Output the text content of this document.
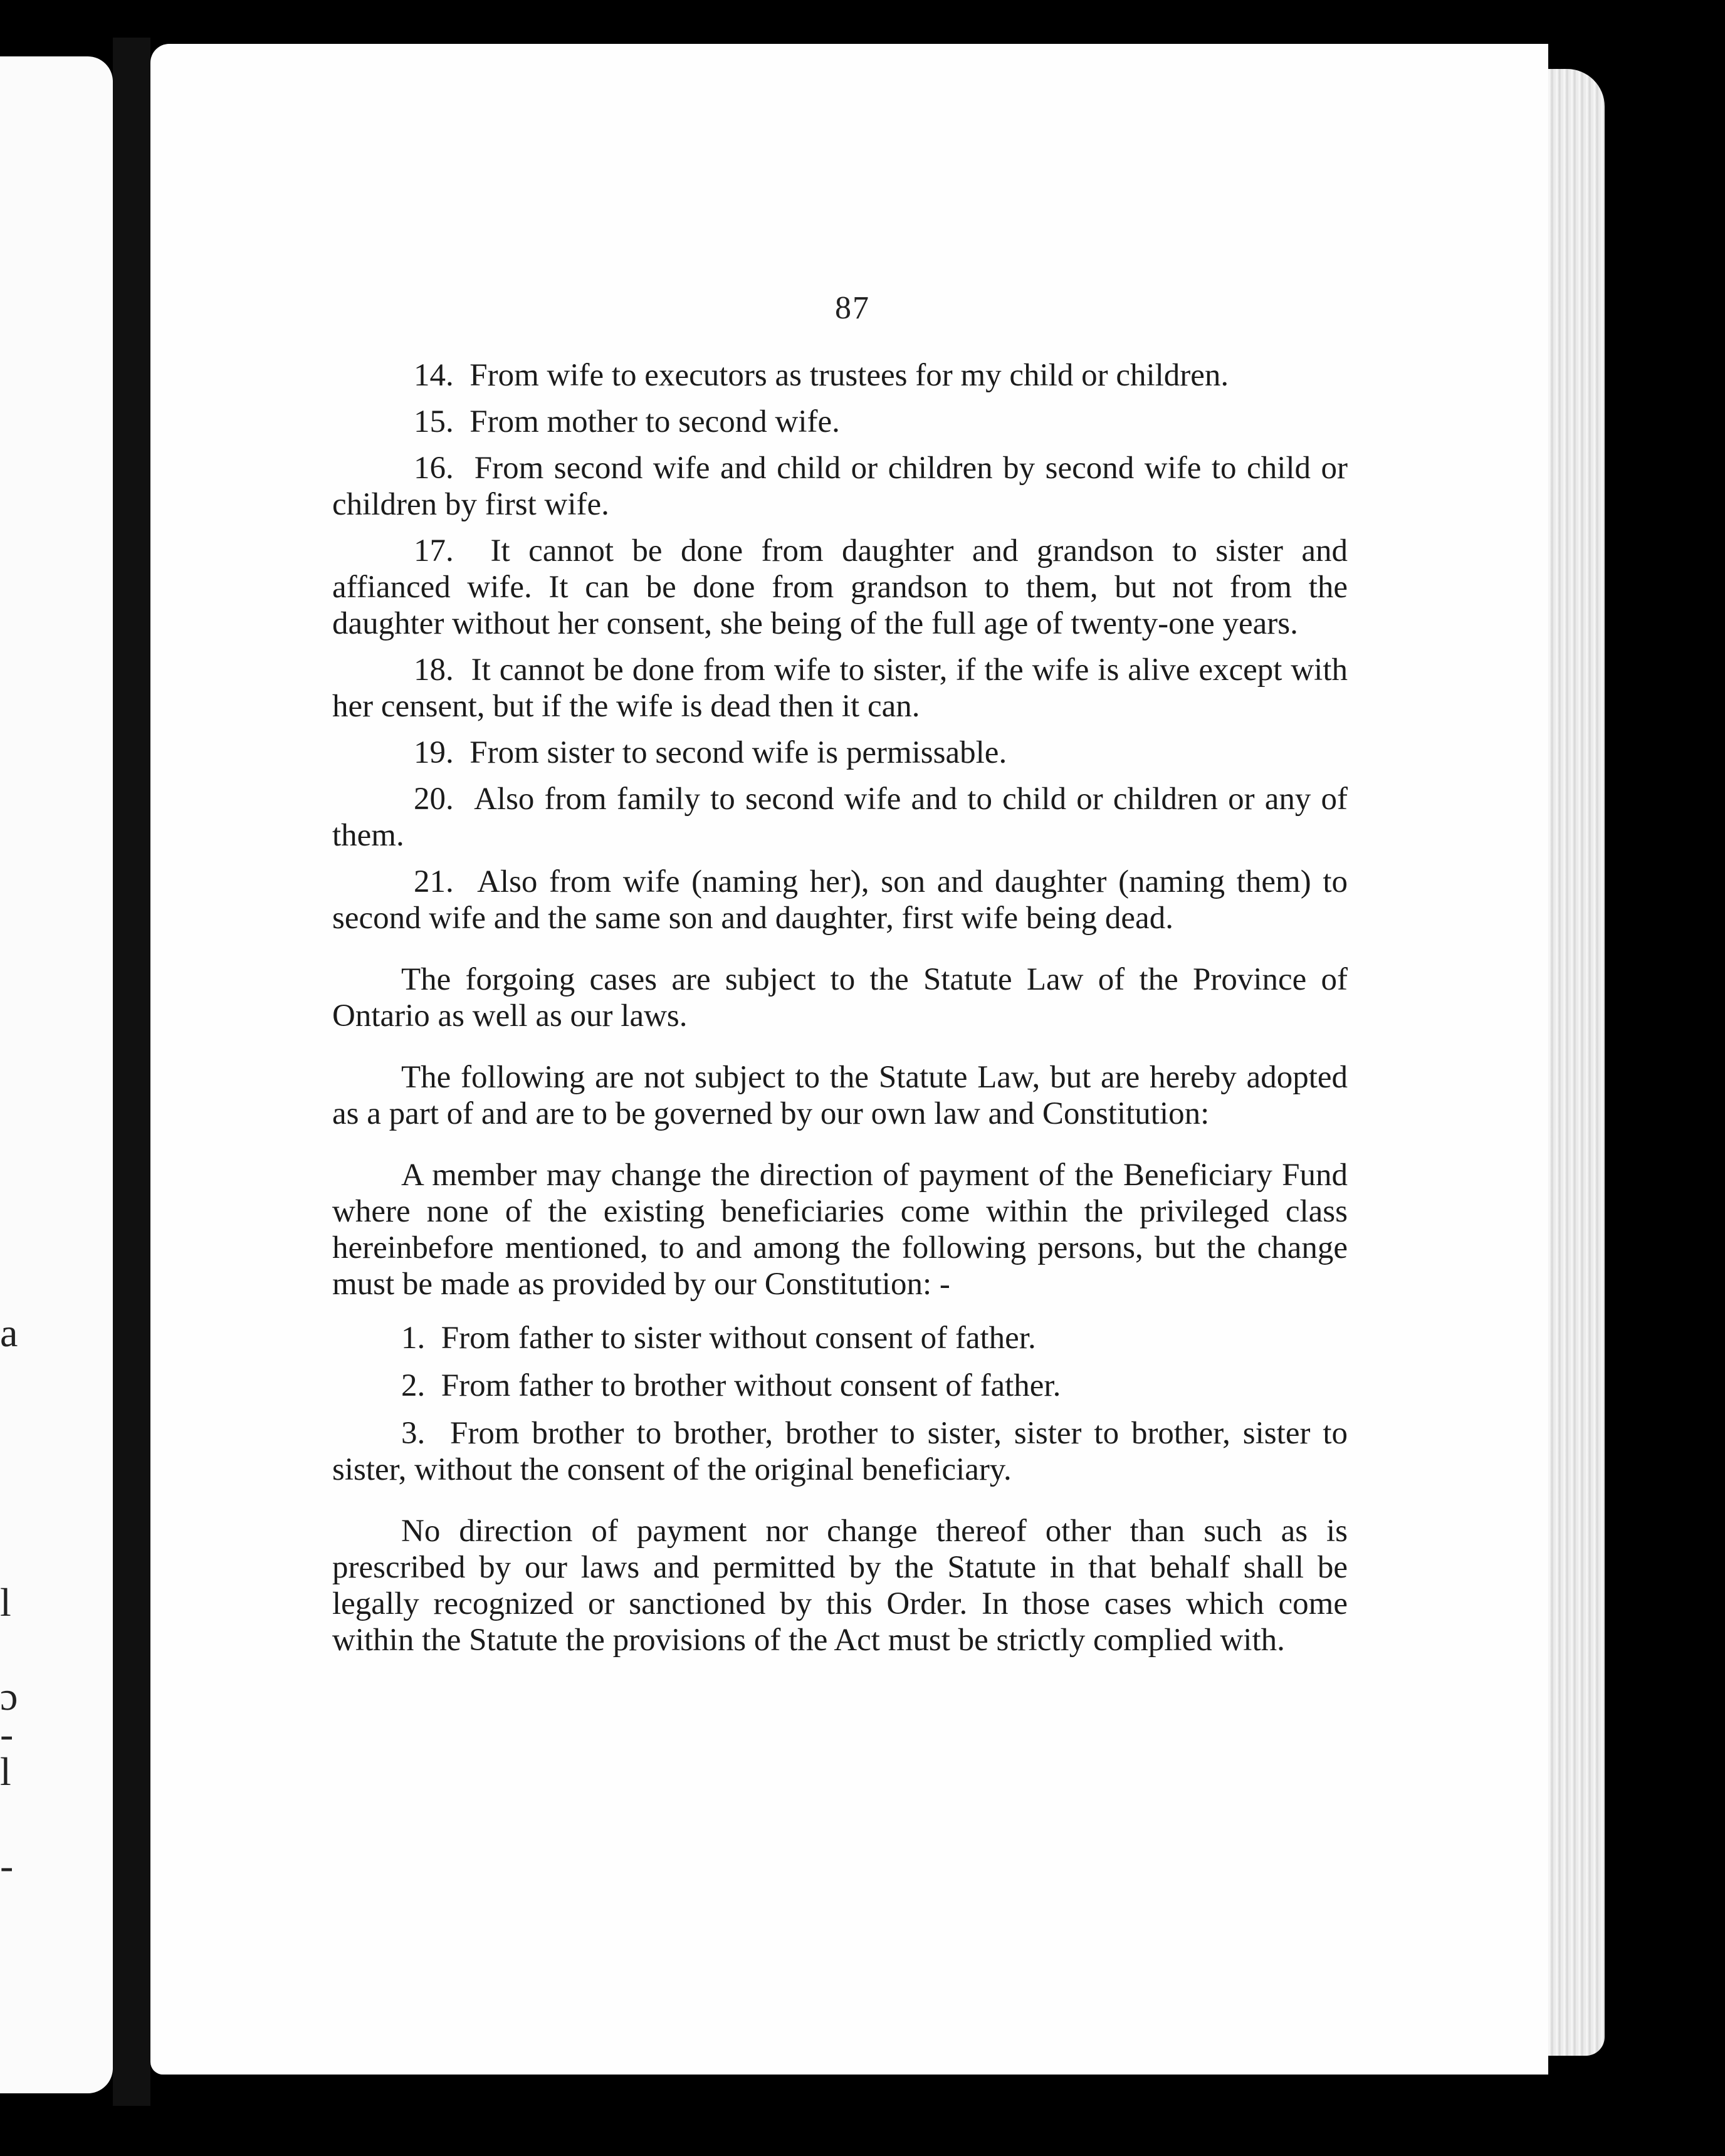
a
l
ɔ
-
l
-
87

14. From wife to executors as trustees for my child or children.

15. From mother to second wife.

16. From second wife and child or children by second wife to child or children by first wife.

17. It cannot be done from daughter and grandson to sister and affianced wife. It can be done from grandson to them, but not from the daughter without her consent, she being of the full age of twenty-one years.

18. It cannot be done from wife to sister, if the wife is alive except with her censent, but if the wife is dead then it can.

19. From sister to second wife is permissable.

20. Also from family to second wife and to child or children or any of them.

21. Also from wife (naming her), son and daughter (naming them) to second wife and the same son and daughter, first wife being dead.

The forgoing cases are subject to the Statute Law of the Province of Ontario as well as our laws.

The following are not subject to the Statute Law, but are hereby adopted as a part of and are to be governed by our own law and Constitution:

A member may change the direction of payment of the Beneficiary Fund where none of the existing beneficiaries come within the privileged class hereinbefore mentioned, to and among the following persons, but the change must be made as provided by our Constitution: -

1. From father to sister without consent of father.

2. From father to brother without consent of father.

3. From brother to brother, brother to sister, sister to brother, sister to sister, without the consent of the original beneficiary.

No direction of payment nor change thereof other than such as is prescribed by our laws and permitted by the Statute in that behalf shall be legally recognized or sanctioned by this Order. In those cases which come within the Statute the provisions of the Act must be strictly complied with.
